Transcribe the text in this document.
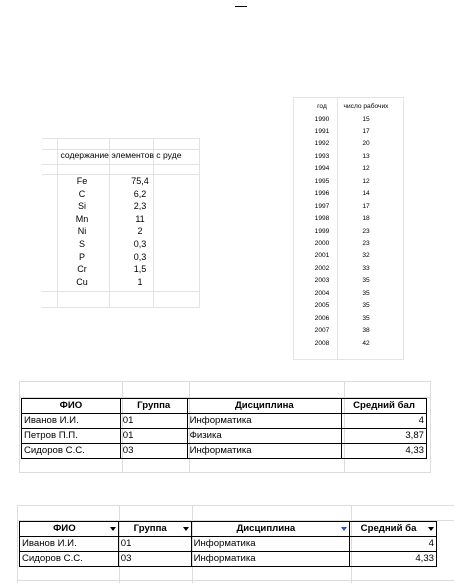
содержание элементов с руде
Fe	75,4
C	6,2
Si	2,3
Mn	11
Ni	2
S	0,3
P	0,3
Cr	1,5
Cu	1
год	число рабочих
1990	15
1991	17
1992	20
1993	13
1994	12
1995	12
1996	14
1997	17
1998	18
1999	23
2000	23
2001	32
2002	33
2003	35
2004	35
2005	35
2006	35
2007	38
2008	42
ФИО	Группа	Дисциплина	Средний бал
Иванов И.И.	01	Информатика	4
Петров П.П.	01	Физика	3,87
Сидоров С.С.	03	Информатика	4,33
ФИО	Группа	Дисциплина	Средний ба

Иванов И.И.	01	Информатика	4
Сидоров С.С.	03	Информатика	4,33
